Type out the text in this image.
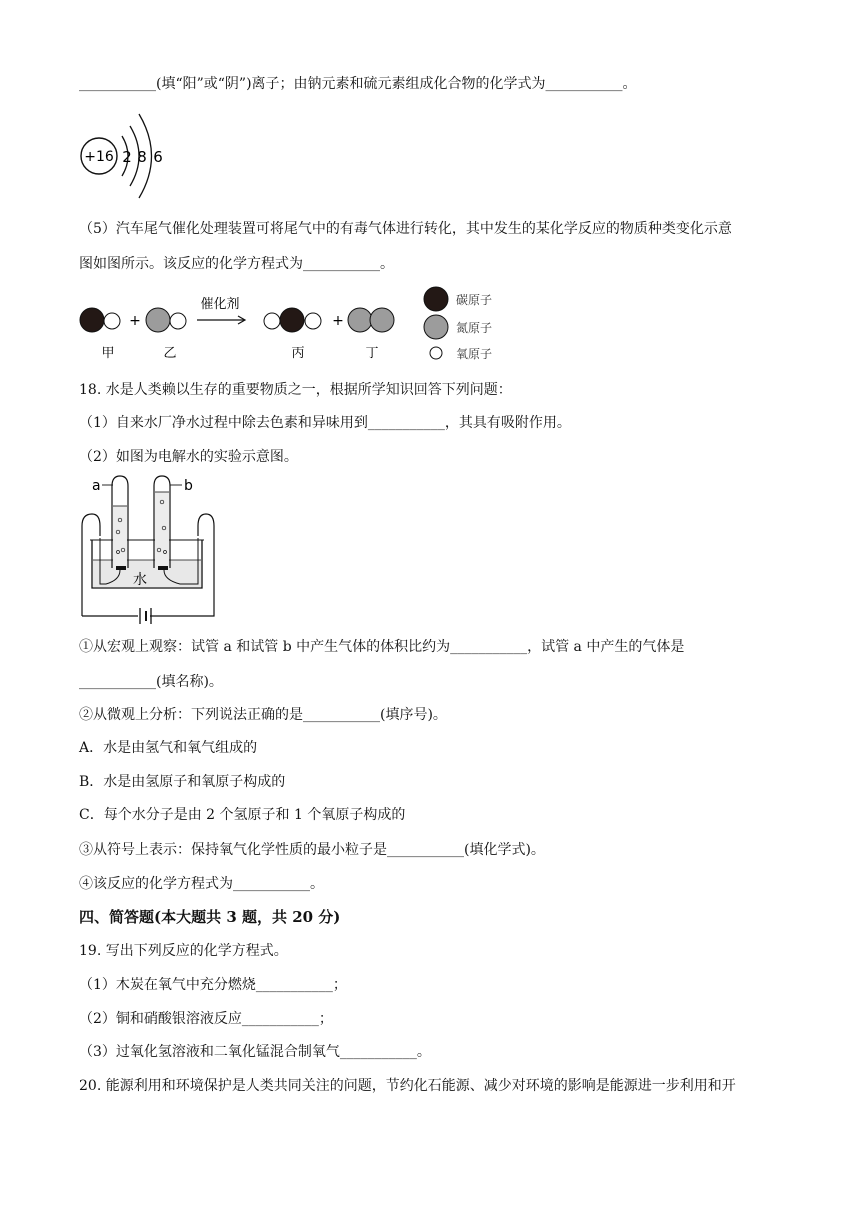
___________(填“阳”或“阴”)离子；由钠元素和硫元素组成化合物的化学式为___________。
+16 2 8 6
（5）汽车尾气催化处理装置可将尾气中的有毒气体进行转化，其中发生的某化学反应的物质种类变化示意
图如图所示。该反应的化学方程式为___________。
+
催化剂
+
甲	乙	丙	丁
碳原子
氮原子
氧原子
18. 水是人类赖以生存的重要物质之一，根据所学知识回答下列问题：
（1）自来水厂净水过程中除去色素和异味用到___________，其具有吸附作用。
（2）如图为电解水的实验示意图。
a	b
水
①从宏观上观察：试管 a 和试管 b 中产生气体的体积比约为___________，试管 a 中产生的气体是
___________(填名称)。
②从微观上分析：下列说法正确的是___________(填序号)。
A．水是由氢气和氧气组成的
B．水是由氢原子和氧原子构成的
C．每个水分子是由 2 个氢原子和 1 个氧原子构成的
③从符号上表示：保持氧气化学性质的最小粒子是___________(填化学式)。
④该反应的化学方程式为___________。
四、简答题(本大题共 3 题，共 20 分)
19. 写出下列反应的化学方程式。
（1）木炭在氧气中充分燃烧___________；
（2）铜和硝酸银溶液反应___________；
（3）过氧化氢溶液和二氧化锰混合制氧气___________。
20. 能源利用和环境保护是人类共同关注的问题，节约化石能源、减少对环境的影响是能源进一步利用和开
